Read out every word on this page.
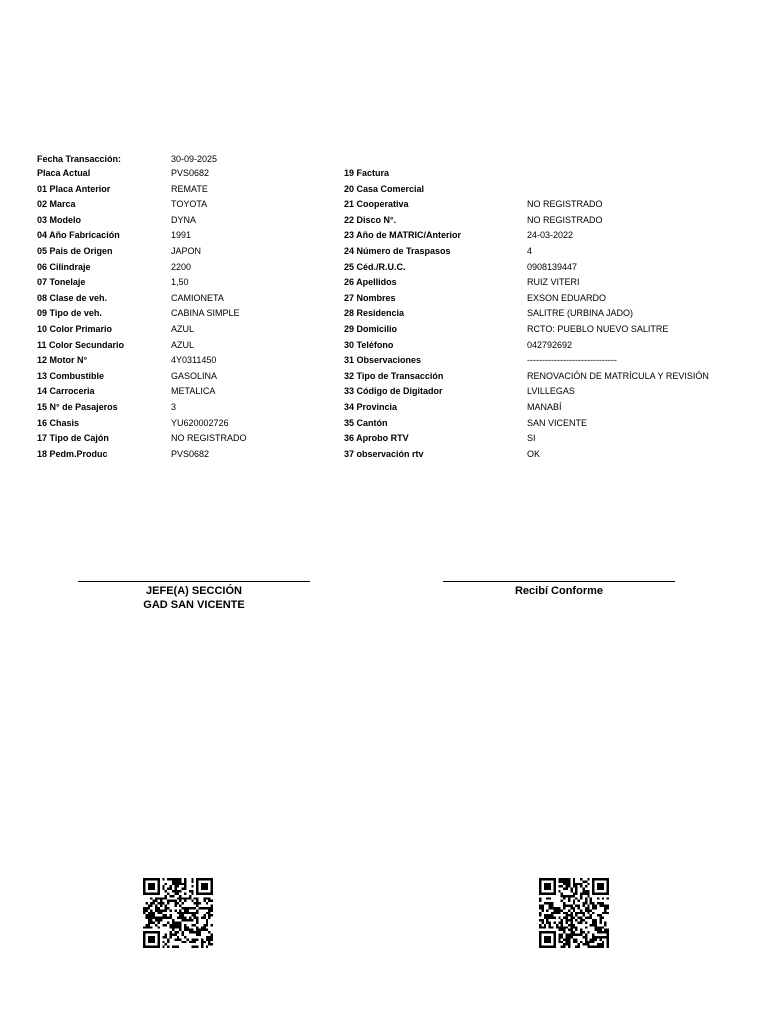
Fecha Transacción:	30-09-2025
Placa Actual	PVS0682
01 Placa Anterior	REMATE
02 Marca	TOYOTA
03 Modelo	DYNA
04 Año Fabricación	1991
05 Pais de Origen	JAPON
06 Cilindraje	2200
07 Tonelaje	1,50
08 Clase de veh.	CAMIONETA
09 Tipo de veh.	CABINA SIMPLE
10 Color Primario	AZUL
11 Color Secundario	AZUL
12 Motor N°	4Y0311450
13 Combustible	GASOLINA
14 Carroceria	METALICA
15 N° de Pasajeros	3
16 Chasis	YU620002726
17 Tipo de Cajón	NO REGISTRADO
18 Pedm.Produc	PVS0682
19 Factura
20 Casa Comercial
21 Cooperativa	NO REGISTRADO
22 Disco N°.	NO REGISTRADO
23 Año de MATRIC/Anterior	24-03-2022
24 Número de Traspasos	4
25 Céd./R.U.C.	0908139447
26 Apellidos	RUIZ VITERI
27 Nombres	EXSON EDUARDO
28 Residencia	SALITRE (URBINA JADO)
29 Domicilio	RCTO: PUEBLO NUEVO SALITRE
30 Teléfono	042792692
31 Observaciones	------------------------------
32 Tipo de Transacción	RENOVACIÓN DE MATRÍCULA Y REVISIÓN
33 Código de Digitador	LVILLEGAS
34 Provincia	MANABÍ
35 Cantón	SAN VICENTE
36 Aprobo RTV	SI
37 observación rtv	OK
JEFE(A) SECCIÓN
GAD SAN VICENTE
Recibí Conforme
